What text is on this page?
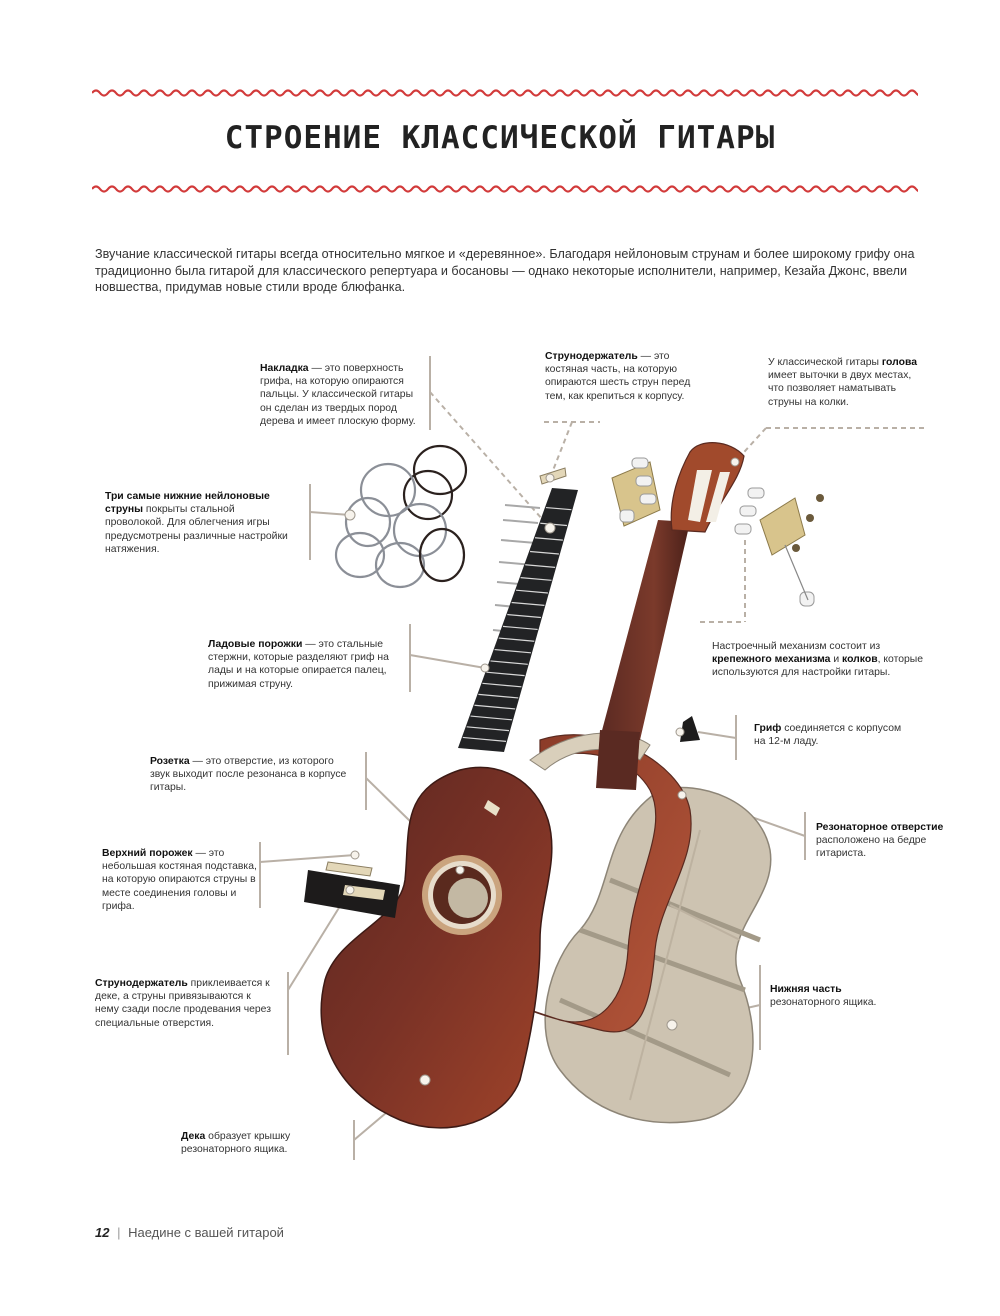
СТРОЕНИЕ КЛАССИЧЕСКОЙ ГИТАРЫ
Звучание классической гитары всегда относительно мягкое и «деревянное». Благодаря нейлоновым струнам и более широкому грифу она традиционно была гитарой для классического репертуара и босановы — однако некоторые исполнители, например, Кезайа Джонс, ввели новшества, придумав новые стили вроде блюфанка.
Накладка — это поверхность грифа, на которую опираются пальцы. У классической гитары он сделан из твердых пород дерева и имеет плоскую форму.
Струнодержатель — это костяная часть, на которую опираются шесть струн перед тем, как крепиться к корпусу.
У классической гитары голова имеет выточки в двух местах, что позволяет наматывать струны на колки.
Три самые нижние нейлоновые струны покрыты стальной проволокой. Для облегчения игры предусмотрены различные настройки натяжения.
Ладовые порожки — это стальные стержни, которые разделяют гриф на лады и на которые опирается палец, прижимая струну.
Настроечный механизм состоит из крепежного механизма и колков, которые используются для настройки гитары.
Гриф соединяется с корпусом на 12-м ладу.
Розетка — это отверстие, из которого звук выходит после резонанса в корпусе гитары.
Резонаторное отверстие расположено на бедре гитариста.
Верхний порожек — это небольшая костяная подставка, на которую опираются струны в месте соединения головы и грифа.
Струнодержатель приклеивается к деке, а струны привязываются к нему сзади после продевания через специальные отверстия.
Нижняя часть резонаторного ящика.
Дека образует крышку резонаторного ящика.
12 | Наедине с вашей гитарой
